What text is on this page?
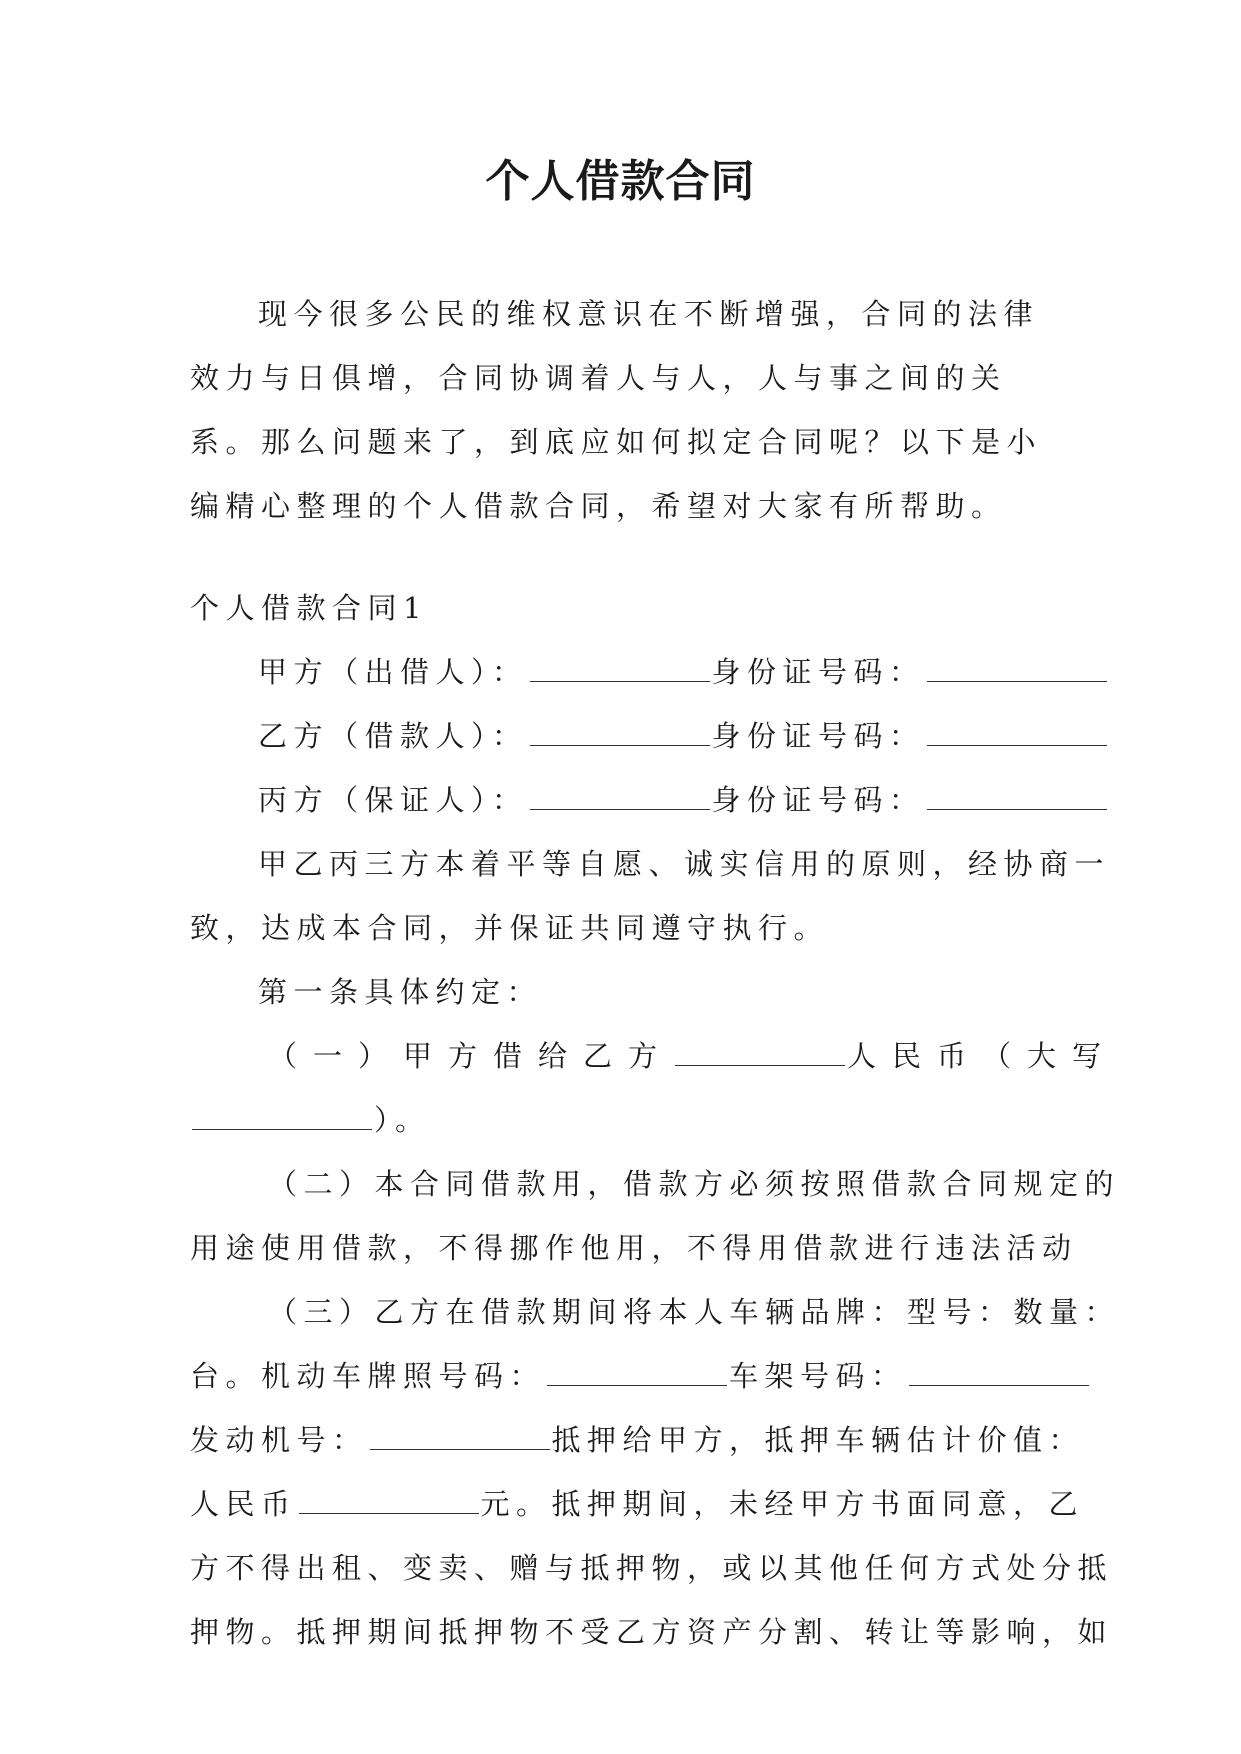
个人借款合同

现今很多公民的维权意识在不断增强，合同的法律效力与日俱增，合同协调着人与人，人与事之间的关系。那么问题来了，到底应如何拟定合同呢？以下是小编精心整理的个人借款合同，希望对大家有所帮助。

个人借款合同1

甲方（出借人）：	身份证号码：

乙方（借款人）：	身份证号码：

丙方（保证人）：	身份证号码：

甲乙丙三方本着平等自愿、诚实信用的原则，经协商一

致，达成本合同，并保证共同遵守执行。

第一条具体约定：

（一）甲方借给乙方	人民币（大写

）。

（二）本合同借款用，借款方必须按照借款合同规定的

用途使用借款，不得挪作他用，不得用借款进行违法活动

（三）乙方在借款期间将本人车辆品牌：型号：数量：

台。机动车牌照号码：	车架号码：

发动机号：	抵押给甲方，抵押车辆估计价值：

人民币	元。抵押期间，未经甲方书面同意，乙

方不得出租、变卖、赠与抵押物，或以其他任何方式处分抵

押物。抵押期间抵押物不受乙方资产分割、转让等影响，如
